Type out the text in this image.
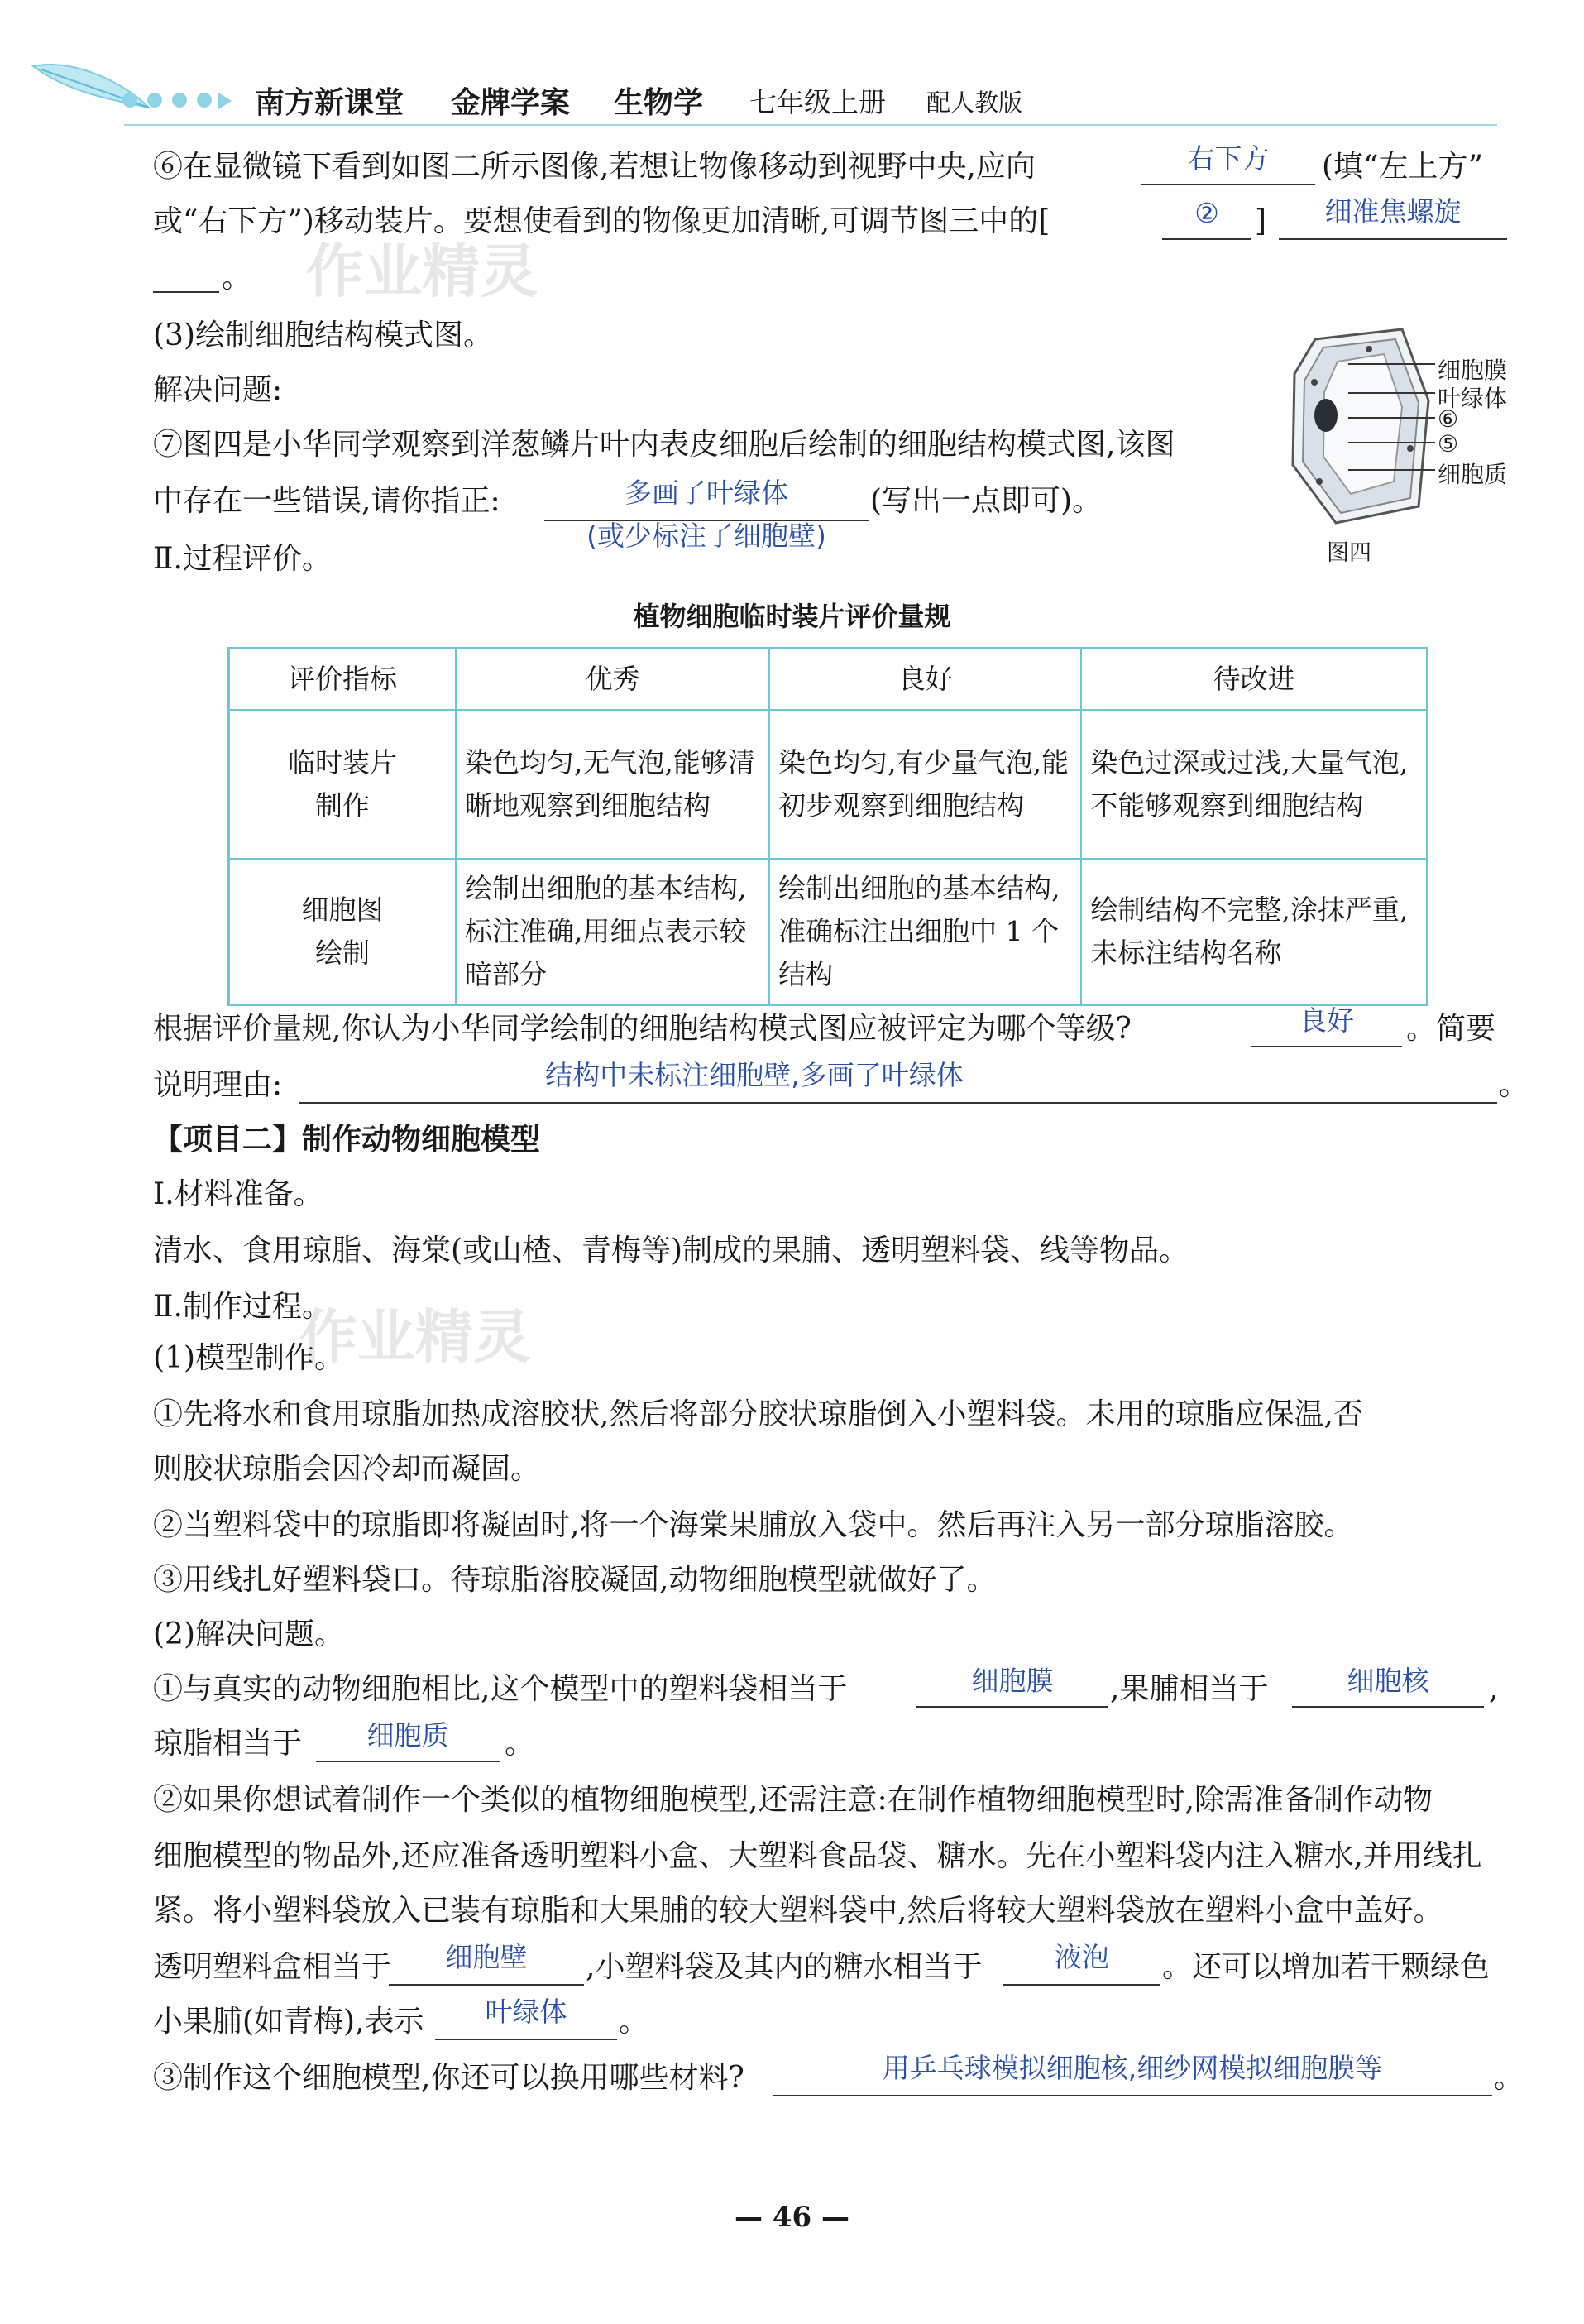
南方新课堂 金牌学案 生物学 七年级上册 配人教版
作业精灵
作业精灵
⑥在显微镜下看到如图二所示图像,若想让物像移动到视野中央,应向	右下方	(填“左上方”
或“右下方”)移动装片。要想使看到的物像更加清晰,可调节图三中的[	②	]	细准焦螺旋
。
(3)绘制细胞结构模式图。
解决问题:
⑦图四是小华同学观察到洋葱鳞片叶内表皮细胞后绘制的细胞结构模式图,该图
中存在一些错误,请你指正:	多画了叶绿体
(或少标注了细胞壁)
(写出一点即可)。
Ⅱ.过程评价。
细胞膜
叶绿体
⑥
⑤
细胞质
图四
植物细胞临时装片评价量规
评价指标	优秀	良好	待改进
临时装片
制作	染色均匀,无气泡,能够清晰地观察到细胞结构	染色均匀,有少量气泡,能初步观察到细胞结构	染色过深或过浅,大量气泡,不能够观察到细胞结构
细胞图
绘制	绘制出细胞的基本结构,标注准确,用细点表示较暗部分	绘制出细胞的基本结构,准确标注出细胞中 1 个结构	绘制结构不完整,涂抹严重,未标注结构名称
根据评价量规,你认为小华同学绘制的细胞结构模式图应被评定为哪个等级?	良好	。简要
说明理由:	结构中未标注细胞壁,多画了叶绿体	。
【项目二】制作动物细胞模型
Ⅰ.材料准备。
清水、食用琼脂、海棠(或山楂、青梅等)制成的果脯、透明塑料袋、线等物品。
Ⅱ.制作过程。
(1)模型制作。
①先将水和食用琼脂加热成溶胶状,然后将部分胶状琼脂倒入小塑料袋。未用的琼脂应保温,否
则胶状琼脂会因冷却而凝固。
②当塑料袋中的琼脂即将凝固时,将一个海棠果脯放入袋中。然后再注入另一部分琼脂溶胶。
③用线扎好塑料袋口。待琼脂溶胶凝固,动物细胞模型就做好了。
(2)解决问题。
①与真实的动物细胞相比,这个模型中的塑料袋相当于	细胞膜	,果脯相当于	细胞核	,
琼脂相当于	细胞质	。
②如果你想试着制作一个类似的植物细胞模型,还需注意:在制作植物细胞模型时,除需准备制作动物
细胞模型的物品外,还应准备透明塑料小盒、大塑料食品袋、糖水。先在小塑料袋内注入糖水,并用线扎
紧。将小塑料袋放入已装有琼脂和大果脯的较大塑料袋中,然后将较大塑料袋放在塑料小盒中盖好。
透明塑料盒相当于	细胞壁	,小塑料袋及其内的糖水相当于	液泡	。还可以增加若干颗绿色
小果脯(如青梅),表示	叶绿体	。
③制作这个细胞模型,你还可以换用哪些材料?	用乒乓球模拟细胞核,细纱网模拟细胞膜等	。
— 46 —
